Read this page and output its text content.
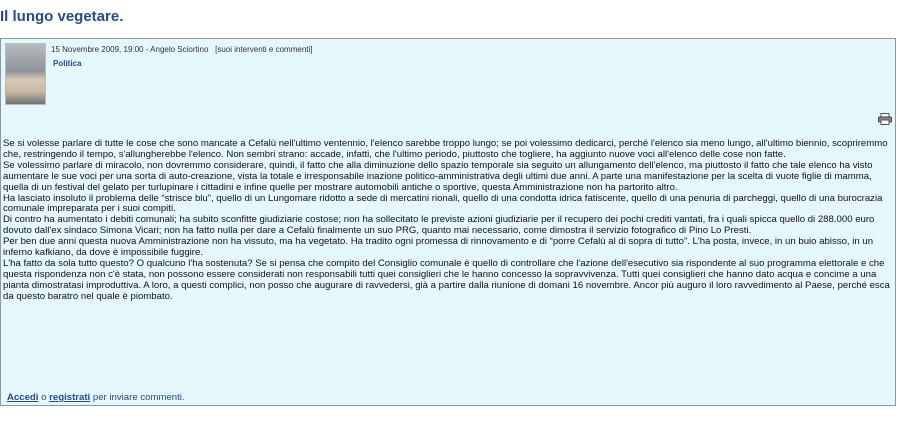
Il lungo vegetare.
15 Novembre 2009, 19:00 - Angelo Sciortino [suoi interventi e commenti]
Politica

Se si volesse parlare di tutte le cose che sono mancate a Cefalù nell'ultimo ventennio, l'elenco sarebbe troppo lungo; se poi volessimo dedicarci, perché l'elenco sia meno lungo, all'ultimo biennio, scopriremmo che, restringendo il tempo, s'allungherebbe l'elenco. Non sembri strano: accade, infatti, che l'ultimo periodo, piuttosto che togliere, ha aggiunto nuove voci all'elenco delle cose non fatte.

Se volessimo parlare di miracolo, non dovremmo considerare, quindi, il fatto che alla diminuzione dello spazio temporale sia seguito un allungamento dell'elenco, ma piuttosto il fatto che tale elenco ha visto aumentare le sue voci per una sorta di auto-creazione, vista la totale e irresponsabile inazione politico-amministrativa degli ultimi due anni. A parte una manifestazione per la scelta di vuote figlie di mamma, quella di un festival del gelato per turlupinare i cittadini e infine quelle per mostrare automobili antiche o sportive, questa Amministrazione non ha partorito altro.

Ha lasciato insoluto il problema delle “strisce blu”, quello di un Lungomare ridotto a sede di mercatini rionali, quello di una condotta idrica fatiscente, quello di una penuria di parcheggi, quello di una burocrazia comunale impreparata per i suoi compiti.

Di contro ha aumentato i debiti comunali; ha subito sconfitte giudiziarie costose; non ha sollecitato le previste azioni giudiziarie per il recupero dei pochi crediti vantati, fra i quali spicca quello di 288.000 euro dovuto dall'ex sindaco Simona Vicari; non ha fatto nulla per dare a Cefalù finalmente un suo PRG, quanto mai necessario, come dimostra il servizio fotografico di Pino Lo Presti.

Per ben due anni questa nuova Amministrazione non ha vissuto, ma ha vegetato. Ha tradito ogni promessa di rinnovamento e di “porre Cefalù al di sopra di tutto”. L'ha posta, invece, in un buio abisso, in un inferno kafkiano, da dove è impossibile fuggire.

L'ha fatto da sola tutto questo? O qualcuno l'ha sostenuta? Se si pensa che compito del Consiglio comunale è quello di controllare che l'azione dell'esecutivo sia rispondente al suo programma elettorale e che questa rispondenza non c'è stata, non possono essere considerati non responsabili tutti quei consiglieri che le hanno concesso la sopravvivenza. Tutti quei consiglieri che hanno dato acqua e concime a una pianta dimostratasi improduttiva. A loro, a questi complici, non posso che augurare di ravvedersi, già a partire dalla riunione di domani 16 novembre. Ancor più auguro il loro ravvedimento al Paese, perché esca da questo baratro nel quale è piombato.

Accedi o registrati per inviare commenti.
